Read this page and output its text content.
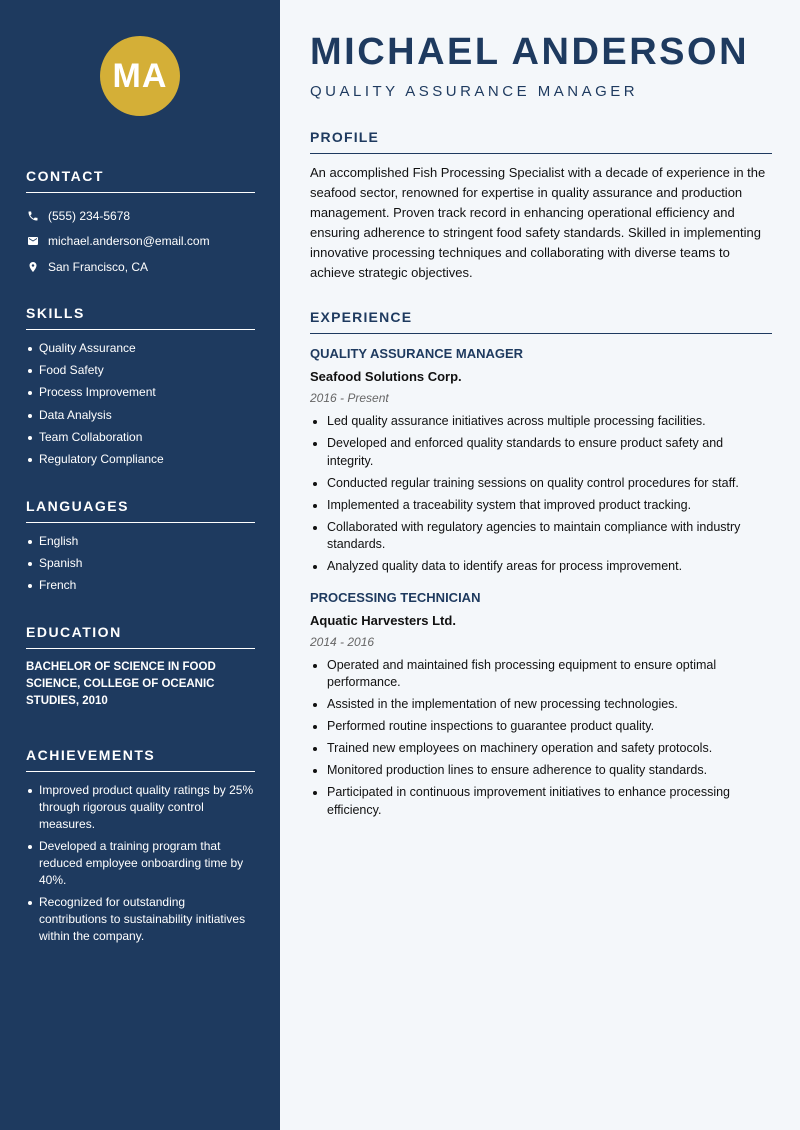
MA
CONTACT
(555) 234-5678
michael.anderson@email.com
San Francisco, CA
SKILLS
Quality Assurance
Food Safety
Process Improvement
Data Analysis
Team Collaboration
Regulatory Compliance
LANGUAGES
English
Spanish
French
EDUCATION

BACHELOR OF SCIENCE IN FOOD SCIENCE, COLLEGE OF OCEANIC STUDIES, 2010

ACHIEVEMENTS
Improved product quality ratings by 25% through rigorous quality control measures.
Developed a training program that reduced employee onboarding time by 40%.
Recognized for outstanding contributions to sustainability initiatives within the company.
MICHAEL ANDERSON
QUALITY ASSURANCE MANAGER
PROFILE

An accomplished Fish Processing Specialist with a decade of experience in the seafood sector, renowned for expertise in quality assurance and production management. Proven track record in enhancing operational efficiency and ensuring adherence to stringent food safety standards. Skilled in implementing innovative processing techniques and collaborating with diverse teams to achieve strategic objectives.

EXPERIENCE
QUALITY ASSURANCE MANAGER
Seafood Solutions Corp.
2016 - Present
Led quality assurance initiatives across multiple processing facilities.
Developed and enforced quality standards to ensure product safety and integrity.
Conducted regular training sessions on quality control procedures for staff.
Implemented a traceability system that improved product tracking.
Collaborated with regulatory agencies to maintain compliance with industry standards.
Analyzed quality data to identify areas for process improvement.
PROCESSING TECHNICIAN
Aquatic Harvesters Ltd.
2014 - 2016
Operated and maintained fish processing equipment to ensure optimal performance.
Assisted in the implementation of new processing technologies.
Performed routine inspections to guarantee product quality.
Trained new employees on machinery operation and safety protocols.
Monitored production lines to ensure adherence to quality standards.
Participated in continuous improvement initiatives to enhance processing efficiency.
